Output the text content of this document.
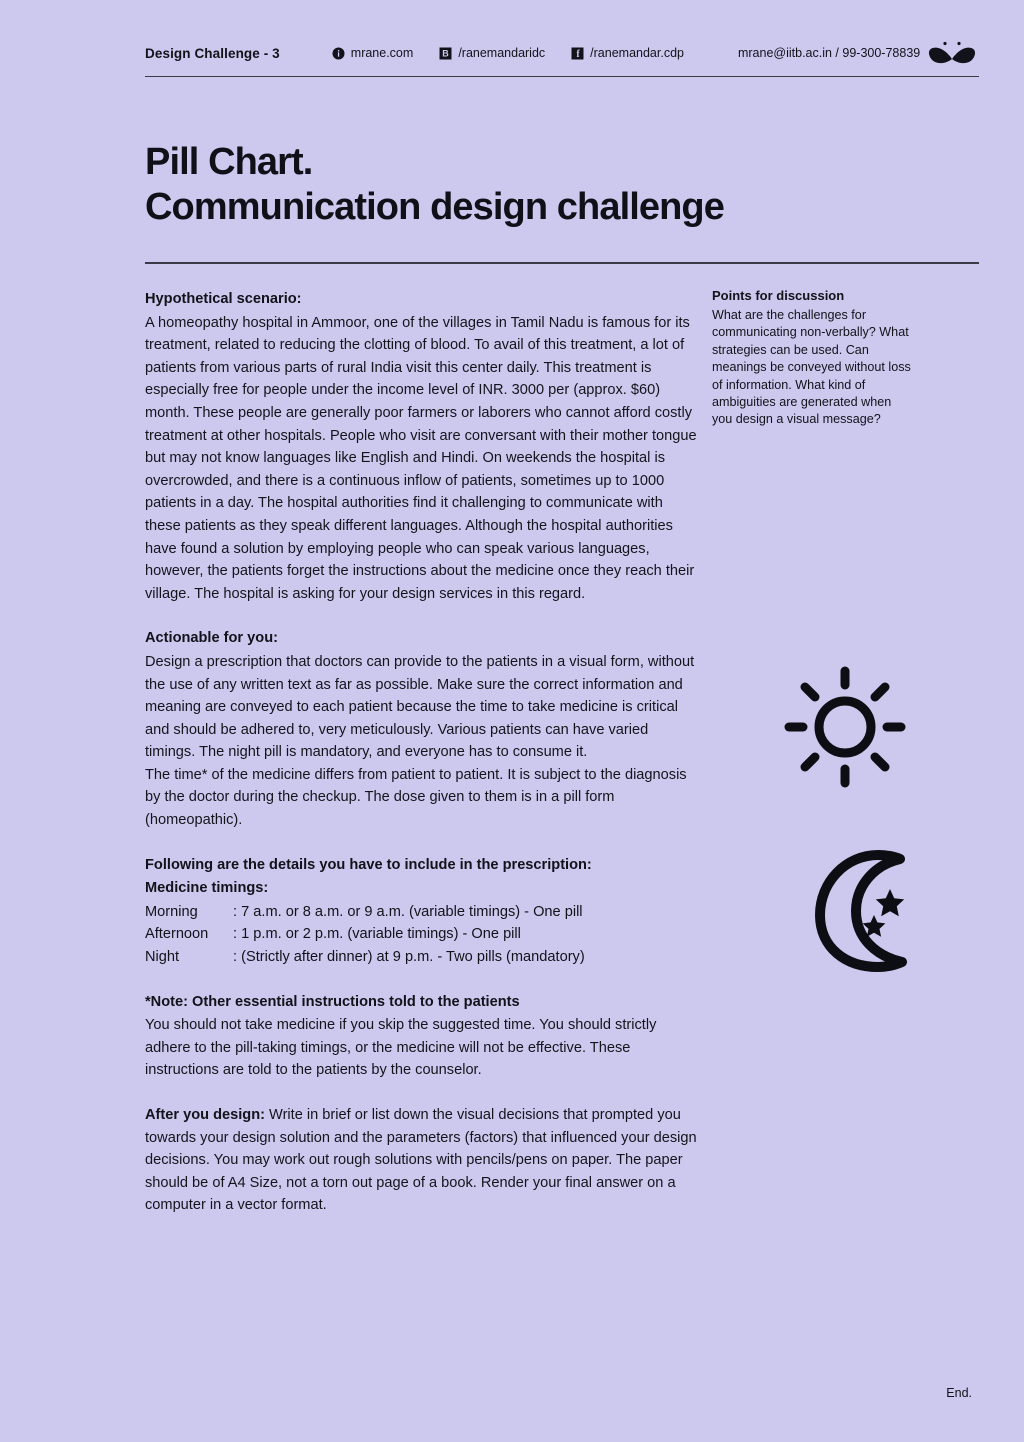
Design Challenge - 3	mrane.com	B /ranemandaridc	f /ranemandar.cdp	mrane@iitb.ac.in / 99-300-78839
Pill Chart.
Communication design challenge
Hypothetical scenario:

A homeopathy hospital in Ammoor, one of the villages in Tamil Nadu is famous for its treatment, related to reducing the clotting of blood. To avail of this treatment, a lot of patients from various parts of rural India visit this center daily. This treatment is especially free for people under the income level of INR. 3000 per (approx. $60) month. These people are generally poor farmers or laborers who cannot afford costly treatment at other hospitals. People who visit are conversant with their mother tongue but may not know languages like English and Hindi. On weekends the hospital is overcrowded, and there is a continuous inflow of patients, sometimes up to 1000 patients in a day. The hospital authorities find it challenging to communicate with these patients as they speak different languages. Although the hospital authorities have found a solution by employing people who can speak various languages, however, the patients forget the instructions about the medicine once they reach their village. The hospital is asking for your design services in this regard.

Actionable for you:

Design a prescription that doctors can provide to the patients in a visual form, without the use of any written text as far as possible. Make sure the correct information and meaning are conveyed to each patient because the time to take medicine is critical and should be adhered to, very meticulously. Various patients can have varied timings. The night pill is mandatory, and everyone has to consume it.

The time* of the medicine differs from patient to patient. It is subject to the diagnosis by the doctor during the checkup. The dose given to them is in a pill form (homeopathic).

Following are the details you have to include in the prescription:
Medicine timings:
Morning	: 7 a.m. or 8 a.m. or 9 a.m. (variable timings) - One pill
Afternoon	: 1 p.m. or 2 p.m. (variable timings) - One pill
Night	: (Strictly after dinner) at 9 p.m. - Two pills (mandatory)
*Note: Other essential instructions told to the patients

You should not take medicine if you skip the suggested time. You should strictly adhere to the pill-taking timings, or the medicine will not be effective. These instructions are told to the patients by the counselor.

After you design: Write in brief or list down the visual decisions that prompted you towards your design solution and the parameters (factors) that influenced your design decisions. You may work out rough solutions with pencils/pens on paper. The paper should be of A4 Size, not a torn out page of a book. Render your final answer on a computer in a vector format.

Points for discussion
What are the challenges for communicating non-verbally? What strategies can be used. Can meanings be conveyed without loss of information. What kind of ambiguities are generated when you design a visual message?
End.
